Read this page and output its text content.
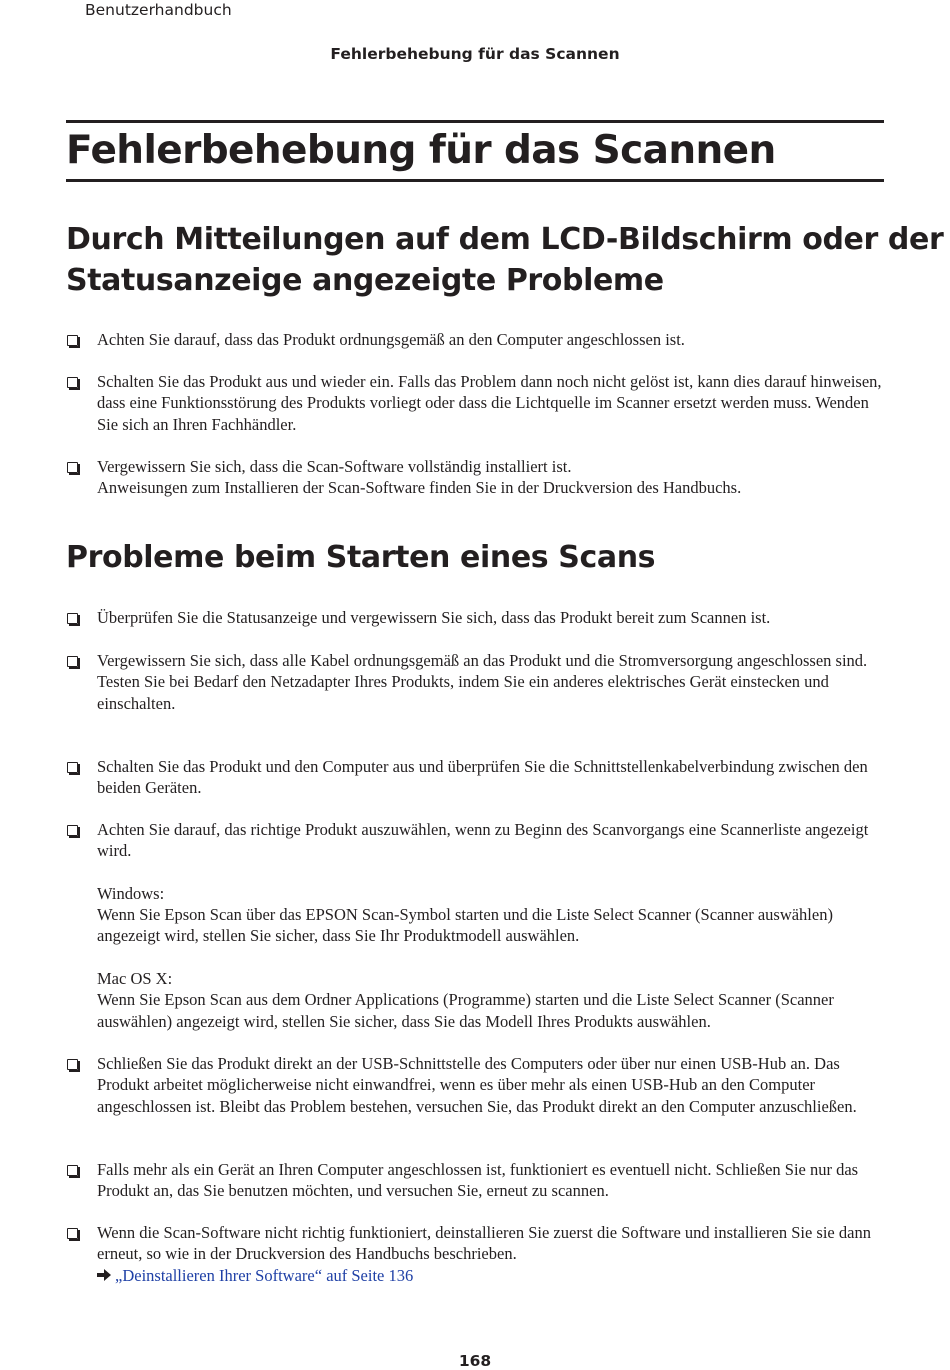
Benutzerhandbuch
Fehlerbehebung für das Scannen
Fehlerbehebung für das Scannen
Durch Mitteilungen auf dem LCD-Bildschirm oder der
Statusanzeige angezeigte Probleme

Achten Sie darauf, dass das Produkt ordnungsgemäß an den Computer angeschlossen ist.

Schalten Sie das Produkt aus und wieder ein. Falls das Problem dann noch nicht gelöst ist, kann dies darauf hinweisen, dass eine Funktionsstörung des Produkts vorliegt oder dass die Lichtquelle im Scanner ersetzt werden muss. Wenden Sie sich an Ihren Fachhändler.

Vergewissern Sie sich, dass die Scan-Software vollständig installiert ist.

Anweisungen zum Installieren der Scan-Software finden Sie in der Druckversion des Handbuchs.

Probleme beim Starten eines Scans

Überprüfen Sie die Statusanzeige und vergewissern Sie sich, dass das Produkt bereit zum Scannen ist.

Vergewissern Sie sich, dass alle Kabel ordnungsgemäß an das Produkt und die Stromversorgung angeschlossen sind.

Testen Sie bei Bedarf den Netzadapter Ihres Produkts, indem Sie ein anderes elektrisches Gerät einstecken und einschalten.

Schalten Sie das Produkt und den Computer aus und überprüfen Sie die Schnittstellenkabelverbindung zwischen den beiden Geräten.

Achten Sie darauf, das richtige Produkt auszuwählen, wenn zu Beginn des Scanvorgangs eine Scannerliste angezeigt wird.

Windows:

Wenn Sie Epson Scan über das EPSON Scan-Symbol starten und die Liste Select Scanner (Scanner auswählen) angezeigt wird, stellen Sie sicher, dass Sie Ihr Produktmodell auswählen.

Mac OS X:

Wenn Sie Epson Scan aus dem Ordner Applications (Programme) starten und die Liste Select Scanner (Scanner auswählen) angezeigt wird, stellen Sie sicher, dass Sie das Modell Ihres Produkts auswählen.

Schließen Sie das Produkt direkt an der USB-Schnittstelle des Computers oder über nur einen USB-Hub an. Das Produkt arbeitet möglicherweise nicht einwandfrei, wenn es über mehr als einen USB-Hub an den Computer angeschlossen ist. Bleibt das Problem bestehen, versuchen Sie, das Produkt direkt an den Computer anzuschließen.

Falls mehr als ein Gerät an Ihren Computer angeschlossen ist, funktioniert es eventuell nicht. Schließen Sie nur das Produkt an, das Sie benutzen möchten, und versuchen Sie, erneut zu scannen.

Wenn die Scan-Software nicht richtig funktioniert, deinstallieren Sie zuerst die Software und installieren Sie sie dann erneut, so wie in der Druckversion des Handbuchs beschrieben.

„Deinstallieren Ihrer Software“ auf Seite 136

168
